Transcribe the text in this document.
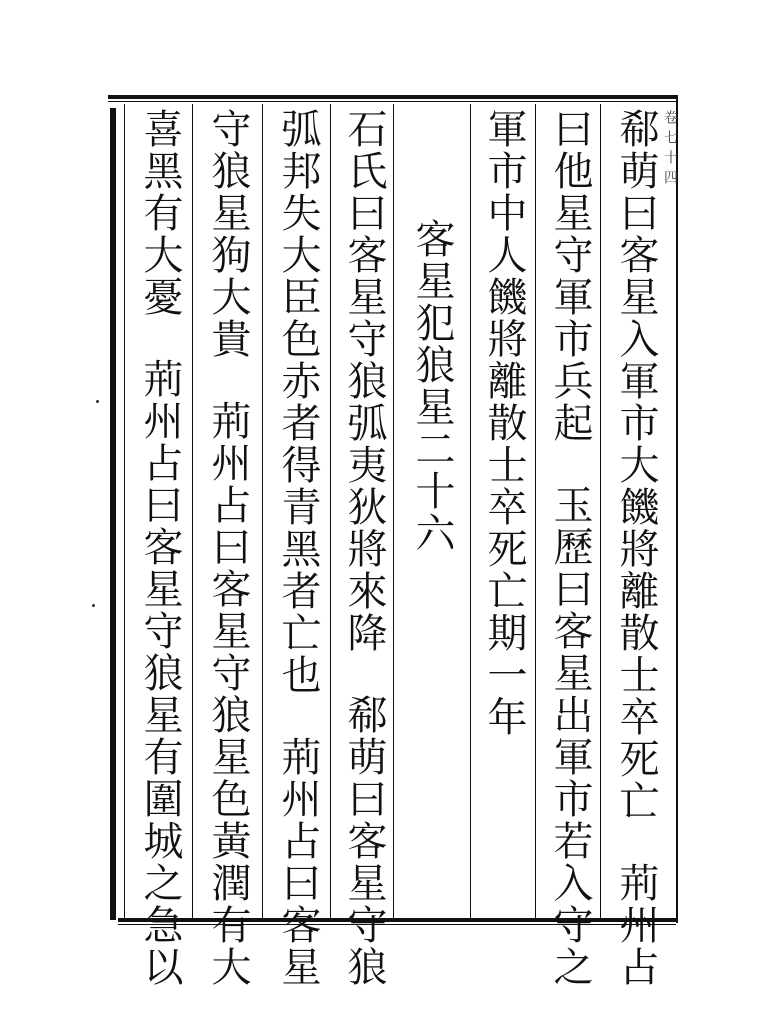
卷七十四
郗萌曰客星入軍市大饑將離散士卒死亡荊州占
曰他星守軍市兵起玉歷曰客星出軍市若入守之
軍市中人饑將離散士卒死亡期一年
客星犯狼星二十六
石氏曰客星守狼弧夷狄將來降郗萌曰客星守狼
弧邦失大臣色赤者得青黑者亡也荊州占曰客星
守狼星狗大貴荊州占曰客星守狼星色黃潤有大
喜黑有大憂荊州占曰客星守狼星有圍城之急以
